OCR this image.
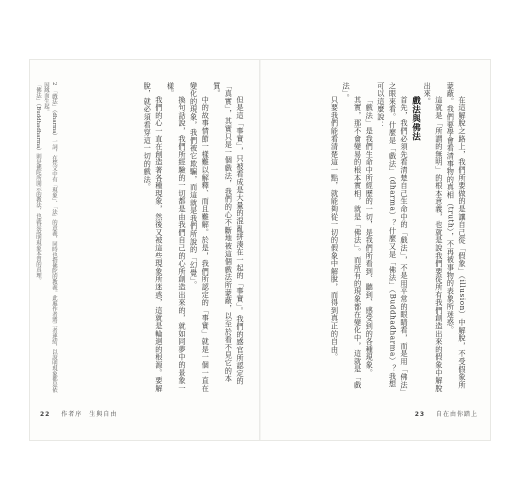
2　「戲法」（dharma）一詞，在梵文中有「現象」、「法」的意義，同時也指佛陀的教義。此處作者將二者連結，以說明現象都是依因緣而生起。

「佛法」（Buddhadharma）則是佛陀所開示的教法，也就是說明現象本質的真理。	但是這「事實」，只被看成是大量的混亂拼湊在一起的「事實」。我們的感官所認定的「真實」，其實只是一個戲法，我們的心不斷地被這個戲法所蒙蔽，以至於看不見它的本質。

中的故事情節一樣難以解釋、而且難解。於是，我們所認定的「事實」就是一個一直在變化的現象，我們被它欺騙，而這就是我們所說的「幻覺」。

換句話說，我們所經驗的一切都是由我們自己的心所創造出來的，就如同夢中的景象一樣。

我們的心一直在創造著各種現象，然後又被這些現象所迷惑，這就是輪迴的根源。要解脫，就必須看穿這一切的戲法。

22 作者序　生與自由

在這解脫之路上，我們所要做的是讓自己從「假象」（illusion）中解脫，不受假象所蒙蔽。我們要學會看清事物的真相（truth），不再被事物的表象所迷惑。

這就是「所謂的無明」的根本意義，也就是說我們要從所有我們創造出來的假象中解脫出來。

戲法與佛法

首先，我們必須先看清楚自己生命中的「戲法」，不是用平常的眼睛看，而是用「佛法」之眼來看。什麼是「戲法」（dharma）？什麼又是「佛法」（Buddhadharma）？我想可以這麼說：

「戲法」是我們生命中所經歷的一切，是我們所看到、聽到、感受到的各種現象。

其實，那不會變易的根本實相，就是「佛法」。而所有的現象都在變化中，這就是「戲法」。

只要我們能看清楚這一點，就能夠從一切的假象中解脫，而得到真正的自由。

23 自在由你踏上
